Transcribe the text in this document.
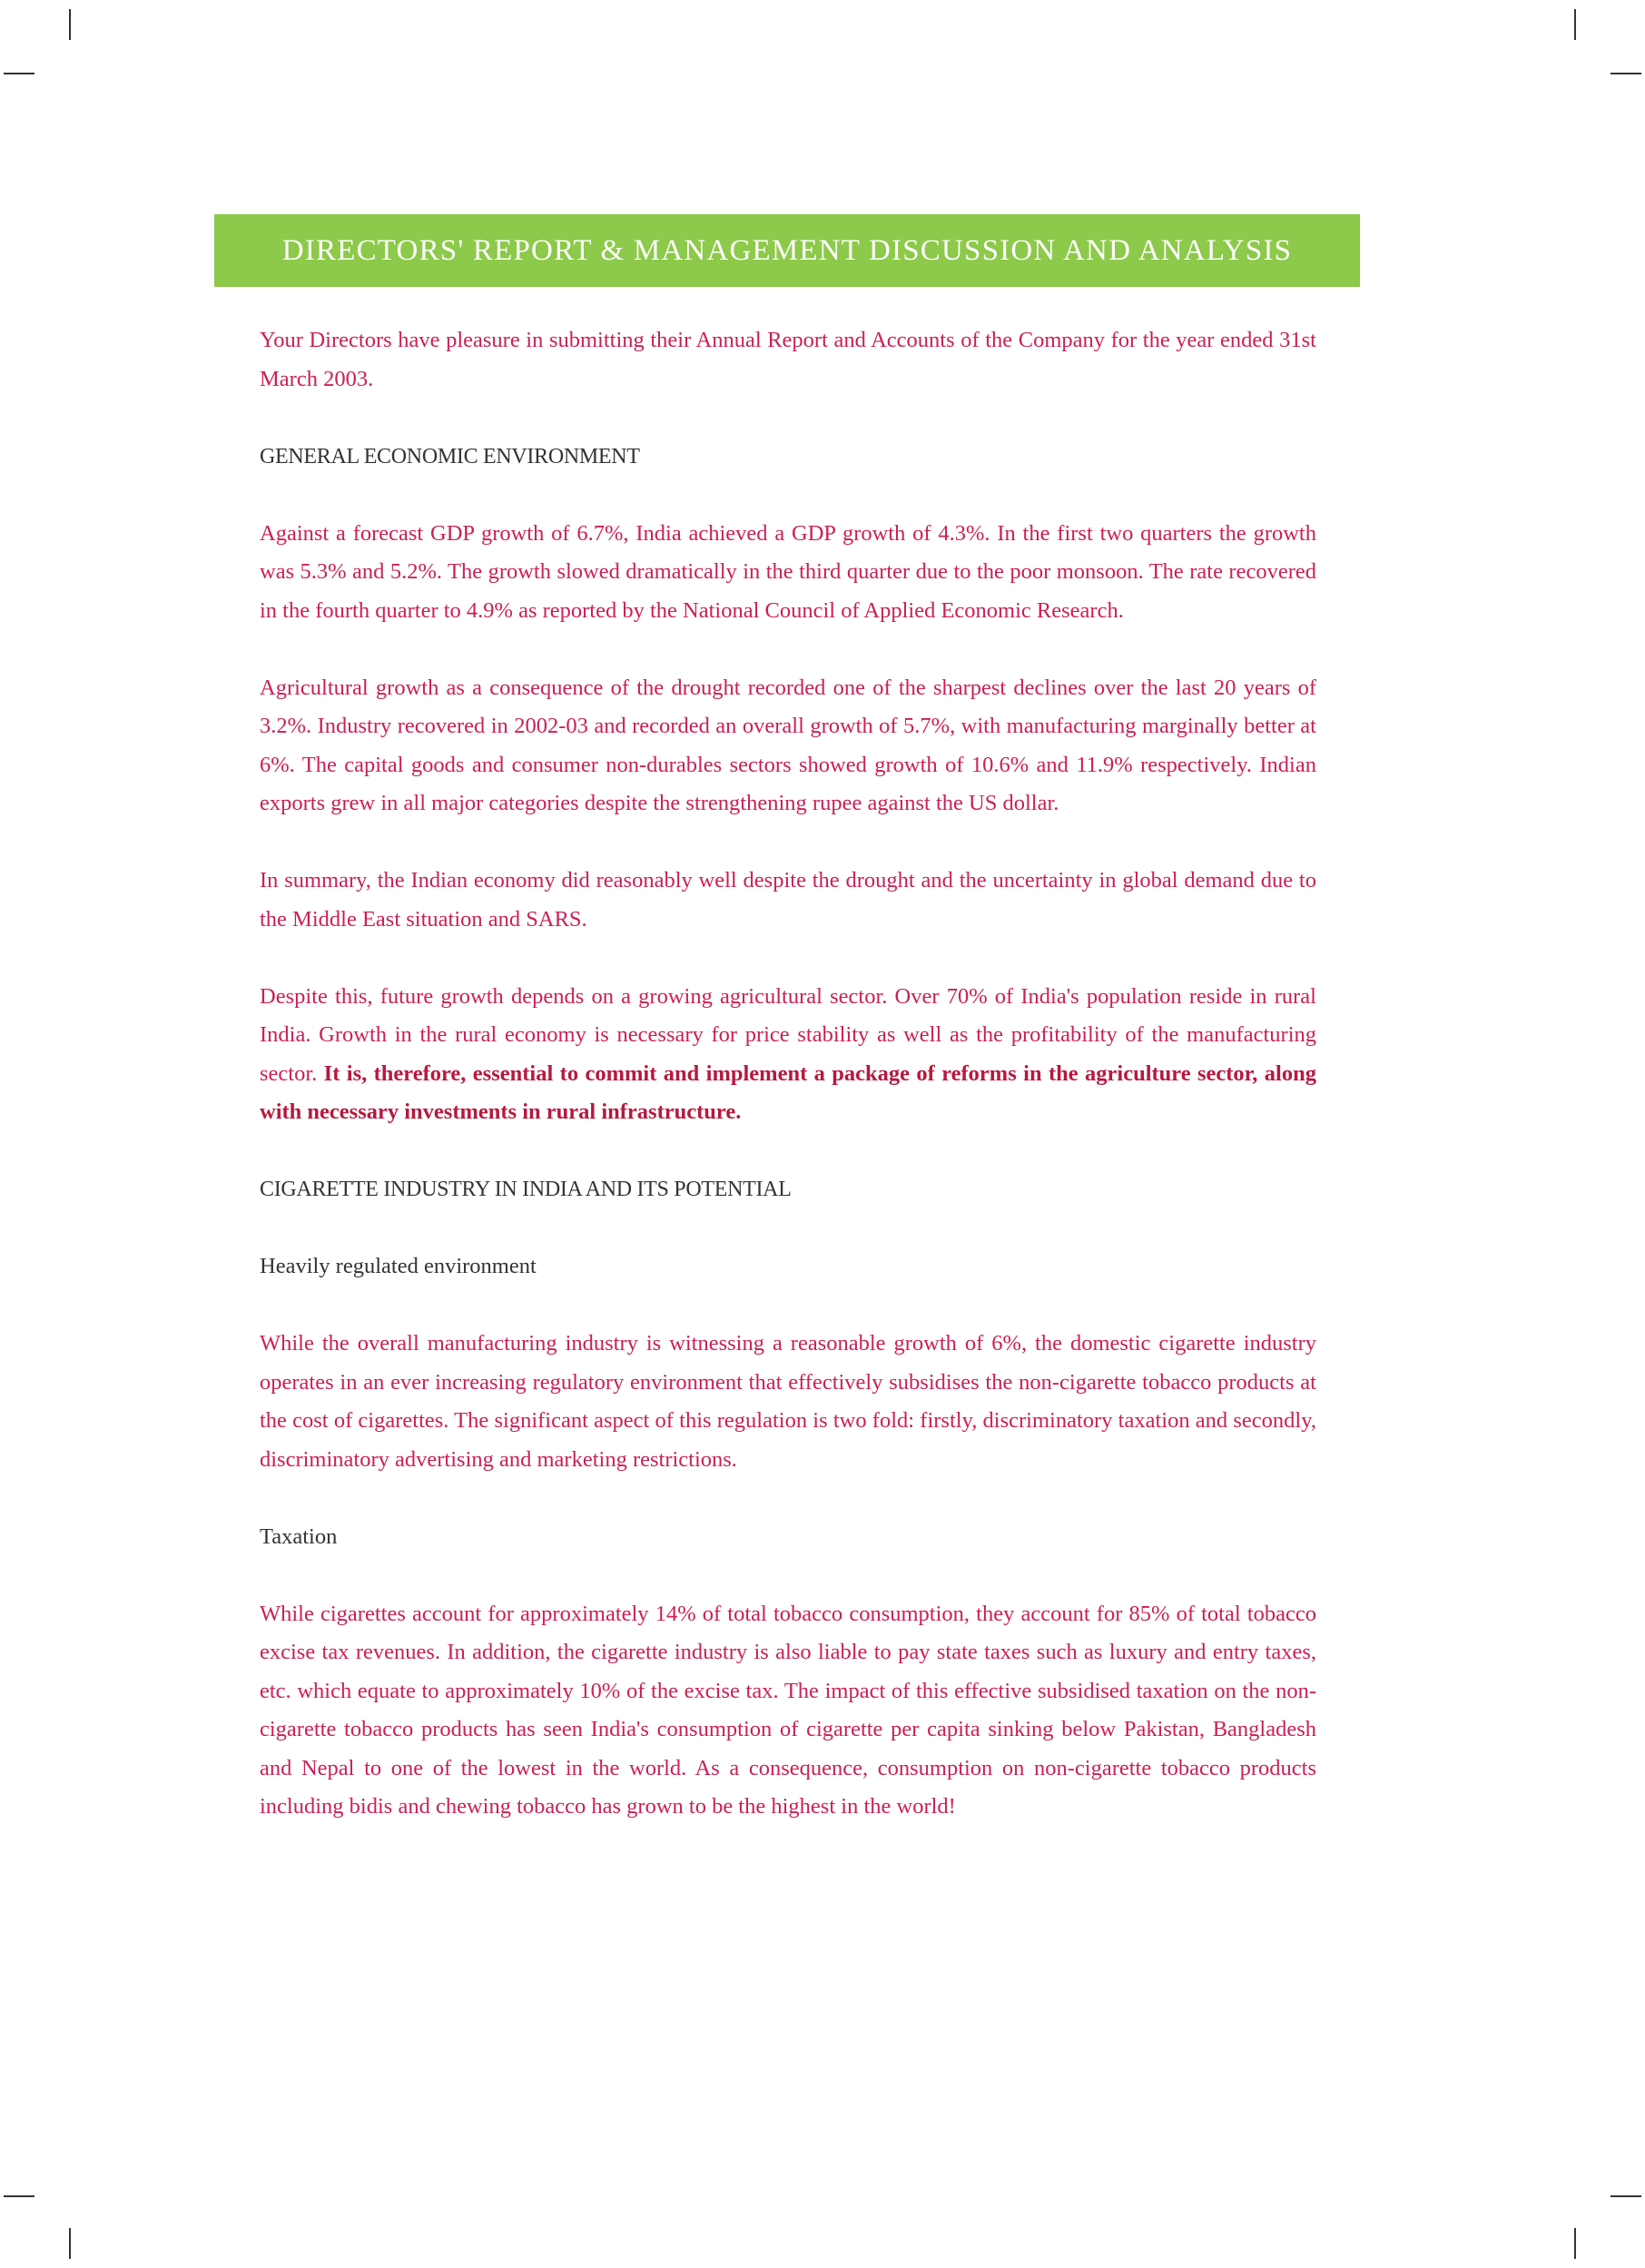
DIRECTORS' REPORT & MANAGEMENT DISCUSSION AND ANALYSIS

Your Directors have pleasure in submitting their Annual Report and Accounts of the Company for the year ended 31st March 2003.

GENERAL ECONOMIC ENVIRONMENT

Against a forecast GDP growth of 6.7%, India achieved a GDP growth of 4.3%. In the first two quarters the growth was 5.3% and 5.2%. The growth slowed dramatically in the third quarter due to the poor monsoon. The rate recovered in the fourth quarter to 4.9% as reported by the National Council of Applied Economic Research.

Agricultural growth as a consequence of the drought recorded one of the sharpest declines over the last 20 years of 3.2%. Industry recovered in 2002-03 and recorded an overall growth of 5.7%, with manufacturing marginally better at 6%. The capital goods and consumer non-durables sectors showed growth of 10.6% and 11.9% respectively. Indian exports grew in all major categories despite the strengthening rupee against the US dollar.

In summary, the Indian economy did reasonably well despite the drought and the uncertainty in global demand due to the Middle East situation and SARS.

Despite this, future growth depends on a growing agricultural sector. Over 70% of India's population reside in rural India. Growth in the rural economy is necessary for price stability as well as the profitability of the manufacturing sector. It is, therefore, essential to commit and implement a package of reforms in the agriculture sector, along with necessary investments in rural infrastructure.

CIGARETTE INDUSTRY IN INDIA AND ITS POTENTIAL
Heavily regulated environment

While the overall manufacturing industry is witnessing a reasonable growth of 6%, the domestic cigarette industry operates in an ever increasing regulatory environment that effectively subsidises the non-cigarette tobacco products at the cost of cigarettes. The significant aspect of this regulation is two fold: firstly, discriminatory taxation and secondly, discriminatory advertising and marketing restrictions.

Taxation

While cigarettes account for approximately 14% of total tobacco consumption, they account for 85% of total tobacco excise tax revenues. In addition, the cigarette industry is also liable to pay state taxes such as luxury and entry taxes, etc. which equate to approximately 10% of the excise tax. The impact of this effective subsidised taxation on the non-cigarette tobacco products has seen India's consumption of cigarette per capita sinking below Pakistan, Bangladesh and Nepal to one of the lowest in the world. As a consequence, consumption on non-cigarette tobacco products including bidis and chewing tobacco has grown to be the highest in the world!
